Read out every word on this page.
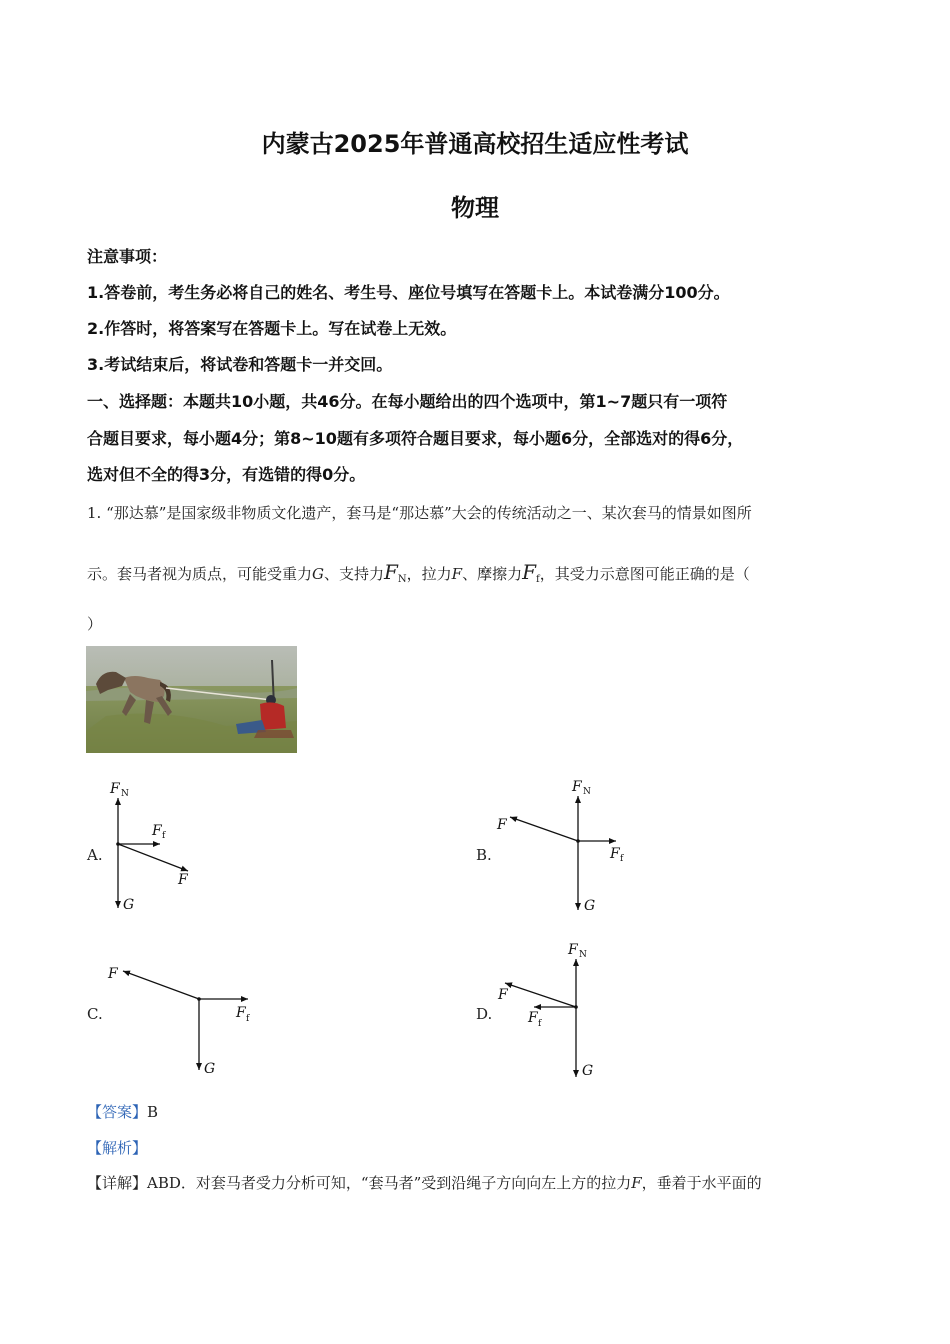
内蒙古2025年普通高校招生适应性考试
物理
注意事项：
1.答卷前，考生务必将自己的姓名、考生号、座位号填写在答题卡上。本试卷满分100分。
2.作答时，将答案写在答题卡上。写在试卷上无效。
3.考试结束后，将试卷和答题卡一并交回。
一、选择题：本题共10小题，共46分。在每小题给出的四个选项中，第1~7题只有一项符
合题目要求，每小题4分；第8~10题有多项符合题目要求，每小题6分，全部选对的得6分，
选对但不全的得3分，有选错的得0分。
1. “那达慕”是国家级非物质文化遗产，套马是“那达慕”大会的传统活动之一、某次套马的情景如图所
示。套马者视为质点，可能受重力G、支持力$F_N$，拉力F、摩擦力$F_f$，其受力示意图可能正确的是（
）
A.
F N
F f
F
G
B.
F N
F
F f
G
C.
F
F f
G
D.
F N
F
F f
G
【答案】B
【解析】
【详解】ABD．对套马者受力分析可知，“套马者”受到沿绳子方向向左上方的拉力F，垂着于水平面的
